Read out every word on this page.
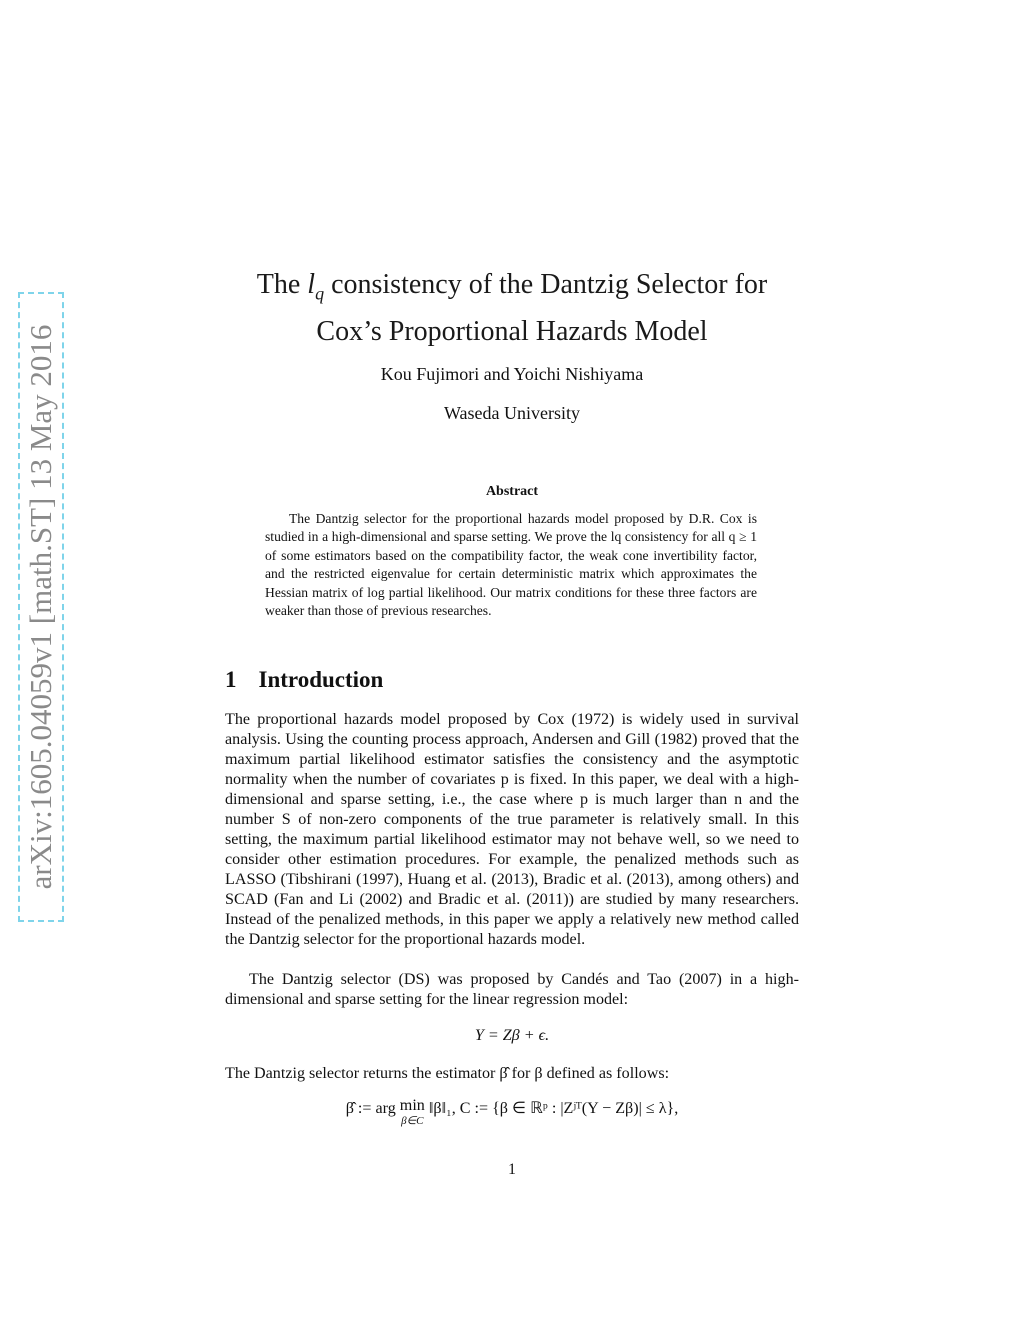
arXiv:1605.04059v1 [math.ST] 13 May 2016
The $l_q$ consistency of the Dantzig Selector for
Cox’s Proportional Hazards Model
Kou Fujimori and Yoichi Nishiyama
Waseda University
Abstract
The Dantzig selector for the proportional hazards model proposed by D.R. Cox is studied in a high-dimensional and sparse setting. We prove the lq consistency for all q ≥ 1 of some estimators based on the compatibility factor, the weak cone invertibility factor, and the restricted eigenvalue for certain deterministic matrix which approximates the Hessian matrix of log partial likelihood. Our matrix conditions for these three factors are weaker than those of previous researches.
1 Introduction
The proportional hazards model proposed by Cox (1972) is widely used in survival analysis. Using the counting process approach, Andersen and Gill (1982) proved that the maximum partial likelihood estimator satisfies the consistency and the asymptotic normality when the number of covariates p is fixed. In this paper, we deal with a high-dimensional and sparse setting, i.e., the case where p is much larger than n and the number S of non-zero components of the true parameter is relatively small. In this setting, the maximum partial likelihood estimator may not behave well, so we need to consider other estimation procedures. For example, the penalized methods such as LASSO (Tibshirani (1997), Huang et al. (2013), Bradic et al. (2013), among others) and SCAD (Fan and Li (2002) and Bradic et al. (2011)) are studied by many researchers. Instead of the penalized methods, in this paper we apply a relatively new method called the Dantzig selector for the proportional hazards model.
The Dantzig selector (DS) was proposed by Candés and Tao (2007) in a high-dimensional and sparse setting for the linear regression model:
Y = Zβ + ϵ.
The Dantzig selector returns the estimator β̂ for β defined as follows:
β̂ := arg min
β∈C
‖β‖₁, C := {β ∈ ℝᵖ : |Zʲᵀ(Y − Zβ)| ≤ λ},
1
